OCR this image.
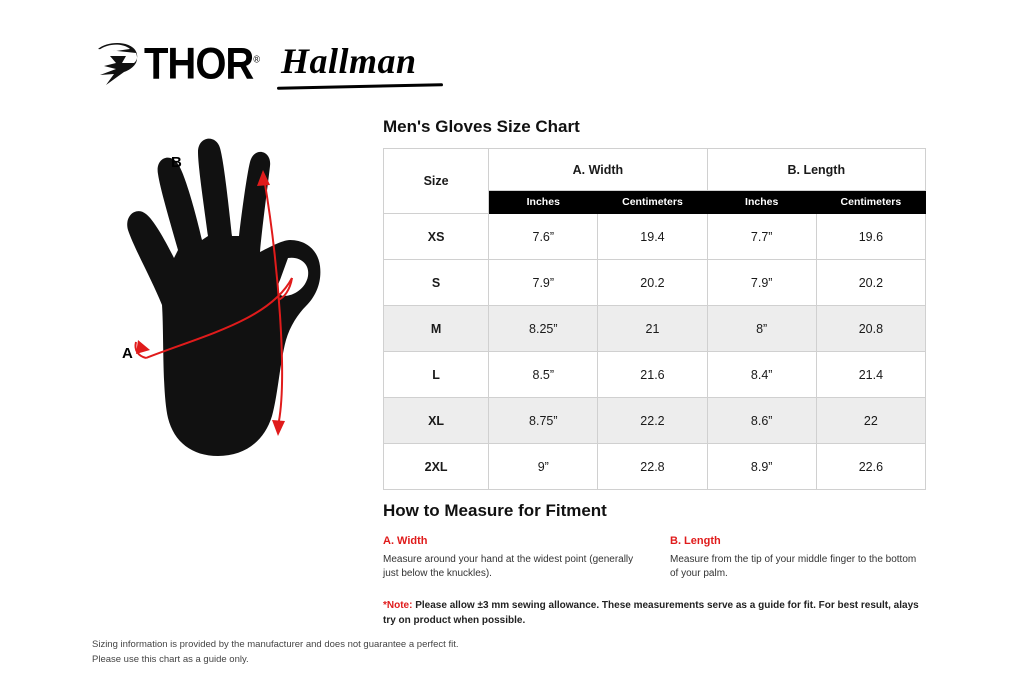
THOR® Hallman
B
A
Men's Gloves Size Chart
Size	A. Width		B. Length	
	Inches	Centimeters	Inches	Centimeters
XS	7.6”	19.4	7.7”	19.6
S	7.9”	20.2	7.9”	20.2
M	8.25”	21	8”	20.8
L	8.5”	21.6	8.4”	21.4
XL	8.75”	22.2	8.6”	22
2XL	9”	22.8	8.9”	22.6
How to Measure for Fitment
A. Width
Measure around your hand at the widest point (generally just below the knuckles).
B. Length
Measure from the tip of your middle finger to the bottom of your palm.
*Note: Please allow ±3 mm sewing allowance. These measurements serve as a guide for fit. For best result, alays try on product when possible.
Sizing information is provided by the manufacturer and does not guarantee a perfect fit.
Please use this chart as a guide only.
